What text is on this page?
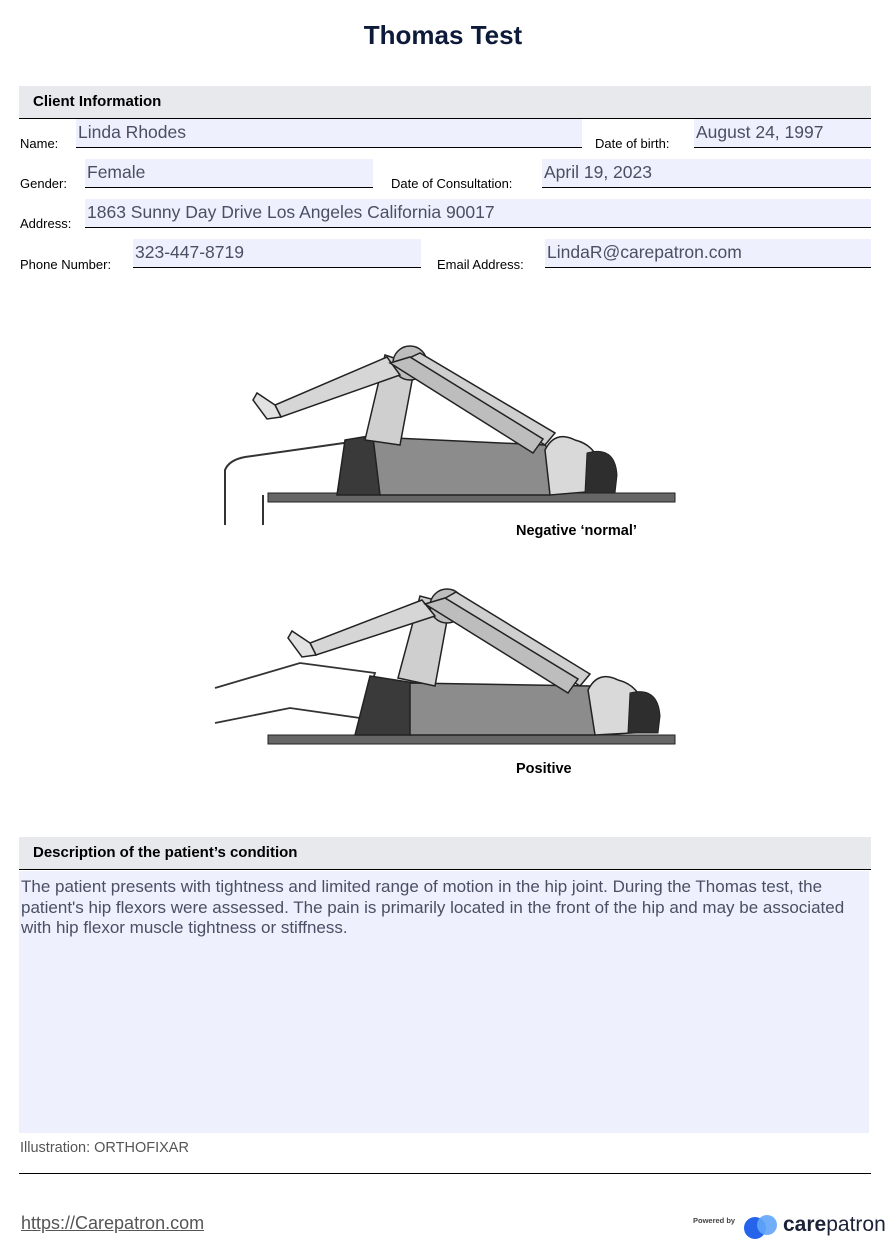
Thomas Test
Client Information
Name:
Linda Rhodes
Date of birth:
August 24, 1997
Gender:
Female
Date of Consultation:
April 19, 2023
Address:
1863 Sunny Day Drive Los Angeles California 90017
Phone Number:
323-447-8719
Email Address:
LindaR@carepatron.com
Negative ‘normal’
Positive
Description of the patient’s condition
The patient presents with tightness and limited range of motion in the hip joint. During the Thomas test, the patient's hip flexors were assessed. The pain is primarily located in the front of the hip and may be associated with hip flexor muscle tightness or stiffness.
Illustration: ORTHOFIXAR
https://Carepatron.com	Powered by carepatron
